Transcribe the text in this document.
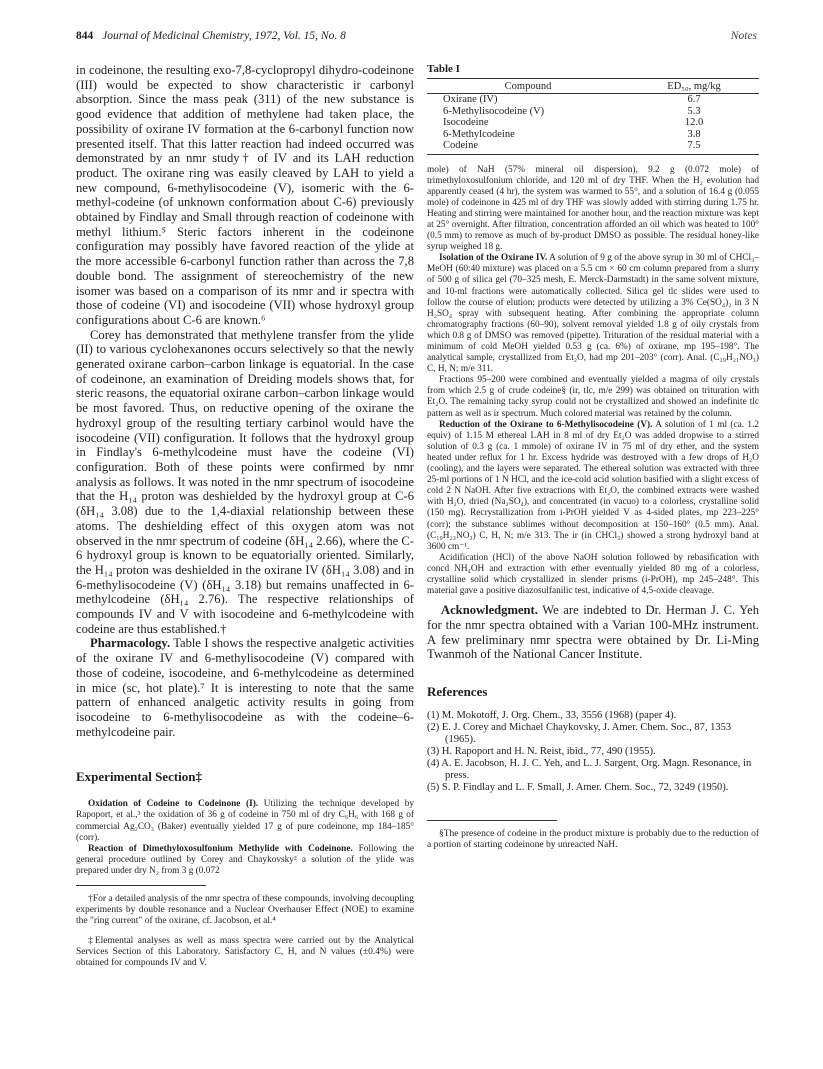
844 Journal of Medicinal Chemistry, 1972, Vol. 15, No. 8	Notes

in codeinone, the resulting exo-7,8-cyclopropyl dihydro-codeinone (III) would be expected to show characteristic ir carbonyl absorption. Since the mass peak (311) of the new substance is good evidence that addition of methylene had taken place, the possibility of oxirane IV formation at the 6-carbonyl function now presented itself. That this latter reaction had indeed occurred was demonstrated by an nmr study† of IV and its LAH reduction product. The oxirane ring was easily cleaved by LAH to yield a new compound, 6-methylisocodeine (V), isomeric with the 6-methyl-codeine (of unknown conformation about C-6) previously obtained by Findlay and Small through reaction of codeinone with methyl lithium.⁵ Steric factors inherent in the codeinone configuration may possibly have favored reaction of the ylide at the more accessible 6-carbonyl function rather than across the 7,8 double bond. The assignment of stereochemistry of the new isomer was based on a comparison of its nmr and ir spectra with those of codeine (VI) and isocodeine (VII) whose hydroxyl group configurations about C-6 are known.⁶

Corey has demonstrated that methylene transfer from the ylide (II) to various cyclohexanones occurs selectively so that the newly generated oxirane carbon–carbon linkage is equatorial. In the case of codeinone, an examination of Dreiding models shows that, for steric reasons, the equatorial oxirane carbon–carbon linkage would be most favored. Thus, on reductive opening of the oxirane the hydroxyl group of the resulting tertiary carbinol would have the isocodeine (VII) configuration. It follows that the hydroxyl group in Findlay's 6-methylcodeine must have the codeine (VI) configuration. Both of these points were confirmed by nmr analysis as follows. It was noted in the nmr spectrum of isocodeine that the H₁₄ proton was deshielded by the hydroxyl group at C-6 (δH₁₄ 3.08) due to the 1,4-diaxial relationship between these atoms. The deshielding effect of this oxygen atom was not observed in the nmr spectrum of codeine (δH₁₄ 2.66), where the C-6 hydroxyl group is known to be equatorially oriented. Similarly, the H₁₄ proton was deshielded in the oxirane IV (δH₁₄ 3.08) and in 6-methylisocodeine (V) (δH₁₄ 3.18) but remains unaffected in 6-methylcodeine (δH₁₄ 2.76). The respective relationships of compounds IV and V with isocodeine and 6-methylcodeine with codeine are thus established.†

Pharmacology. Table I shows the respective analgetic activities of the oxirane IV and 6-methylisocodeine (V) compared with those of codeine, isocodeine, and 6-methylcodeine as determined in mice (sc, hot plate).⁷ It is interesting to note that the same pattern of enhanced analgetic activity results in going from isocodeine to 6-methylisocodeine as with the codeine–6-methylcodeine pair.

Experimental Section‡

Oxidation of Codeine to Codeinone (I). Utilizing the technique developed by Rapoport, et al.,³ the oxidation of 36 g of codeine in 750 ml of dry C₆H₆ with 168 g of commercial Ag₂CO₃ (Baker) eventually yielded 17 g of pure codeinone, mp 184–185° (corr).

Reaction of Dimethyloxosulfonium Methylide with Codeinone. Following the general procedure outlined by Corey and Chaykovsky² a solution of the ylide was prepared under dry N₂ from 3 g (0.072

†For a detailed analysis of the nmr spectra of these compounds, involving decoupling experiments by double resonance and a Nuclear Overhauser Effect (NOE) to examine the "ring current" of the oxirane, cf. Jacobson, et al.⁴

‡Elemental analyses as well as mass spectra were carried out by the Analytical Services Section of this Laboratory. Satisfactory C, H, and N values (±0.4%) were obtained for compounds IV and V.

Table I
Compound	ED₅₀, mg/kg
Oxirane (IV)	6.7
6-Methylisocodeine (V)	5.3
Isocodeine	12.0
6-Methylcodeine	3.8
Codeine	7.5

mole) of NaH (57% mineral oil dispersion), 9.2 g (0.072 mole) of trimethyloxosulfonium chloride, and 120 ml of dry THF. When the H₂ evolution had apparently ceased (4 hr), the system was warmed to 55°, and a solution of 16.4 g (0.055 mole) of codeinone in 425 ml of dry THF was slowly added with stirring during 1.75 hr. Heating and stirring were maintained for another hour, and the reaction mixture was kept at 25° overnight. After filtration, concentration afforded an oil which was heated to 100° (0.5 mm) to remove as much of by-product DMSO as possible. The residual honey-like syrup weighed 18 g.

Isolation of the Oxirane IV. A solution of 9 g of the above syrup in 30 ml of CHCl₃–MeOH (60:40 mixture) was placed on a 5.5 cm × 60 cm column prepared from a slurry of 500 g of silica gel (70–325 mesh, E. Merck-Darmstadt) in the same solvent mixture, and 10-ml fractions were automatically collected. Silica gel tlc slides were used to follow the course of elution; products were detected by utilizing a 3% Ce(SO₄)₂ in 3 N H₂SO₄ spray with subsequent heating. After combining the appropriate column chromatography fractions (60–90), solvent removal yielded 1.8 g of oily crystals from which 0.8 g of DMSO was removed (pipette). Trituration of the residual material with a minimum of cold MeOH yielded 0.53 g (ca. 6%) of oxirane, mp 195–198°. The analytical sample, crystallized from Et₂O, had mp 201–203° (corr). Anal. (C₁₉H₂₁NO₃) C, H, N; m/e 311.

Fractions 95–200 were combined and eventually yielded a magma of oily crystals from which 2.5 g of crude codeine§ (ir, tlc, m/e 299) was obtained on trituration with Et₂O. The remaining tacky syrup could not be crystallized and showed an indefinite tlc pattern as well as ir spectrum. Much colored material was retained by the column.

Reduction of the Oxirane to 6-Methylisocodeine (V). A solution of 1 ml (ca. 1.2 equiv) of 1.15 M ethereal LAH in 8 ml of dry Et₂O was added dropwise to a stirred solution of 0.3 g (ca. 1 mmole) of oxirane IV in 75 ml of dry ether, and the system heated under reflux for 1 hr. Excess hydride was destroyed with a few drops of H₂O (cooling), and the layers were separated. The ethereal solution was extracted with three 25-ml portions of 1 N HCl, and the ice-cold acid solution basified with a slight excess of cold 2 N NaOH. After five extractions with Et₂O, the combined extracts were washed with H₂O, dried (Na₂SO₄), and concentrated (in vacuo) to a colorless, crystalline solid (150 mg). Recrystallization from i-PrOH yielded V as 4-sided plates, mp 223–225° (corr); the substance sublimes without decomposition at 150–160° (0.5 mm). Anal. (C₁₉H₂₃NO₃) C, H, N; m/e 313. The ir (in CHCl₃) showed a strong hydroxyl band at 3600 cm⁻¹.

Acidification (HCl) of the above NaOH solution followed by rebasification with concd NH₄OH and extraction with ether eventually yielded 80 mg of a colorless, crystalline solid which crystallized in slender prisms (i-PrOH), mp 245–248°. This material gave a positive diazosulfanilic test, indicative of 4,5-oxide cleavage.

Acknowledgment. We are indebted to Dr. Herman J. C. Yeh for the nmr spectra obtained with a Varian 100-MHz instrument. A few preliminary nmr spectra were obtained by Dr. Li-Ming Twanmoh of the National Cancer Institute.

References
(1) M. Mokotoff, J. Org. Chem., 33, 3556 (1968) (paper 4).
(2) E. J. Corey and Michael Chaykovsky, J. Amer. Chem. Soc., 87, 1353 (1965).
(3) H. Rapoport and H. N. Reist, ibid., 77, 490 (1955).
(4) A. E. Jacobson, H. J. C. Yeh, and L. J. Sargent, Org. Magn. Resonance, in press.
(5) S. P. Findlay and L. F. Small, J. Amer. Chem. Soc., 72, 3249 (1950).

§The presence of codeine in the product mixture is probably due to the reduction of a portion of starting codeinone by unreacted NaH.
